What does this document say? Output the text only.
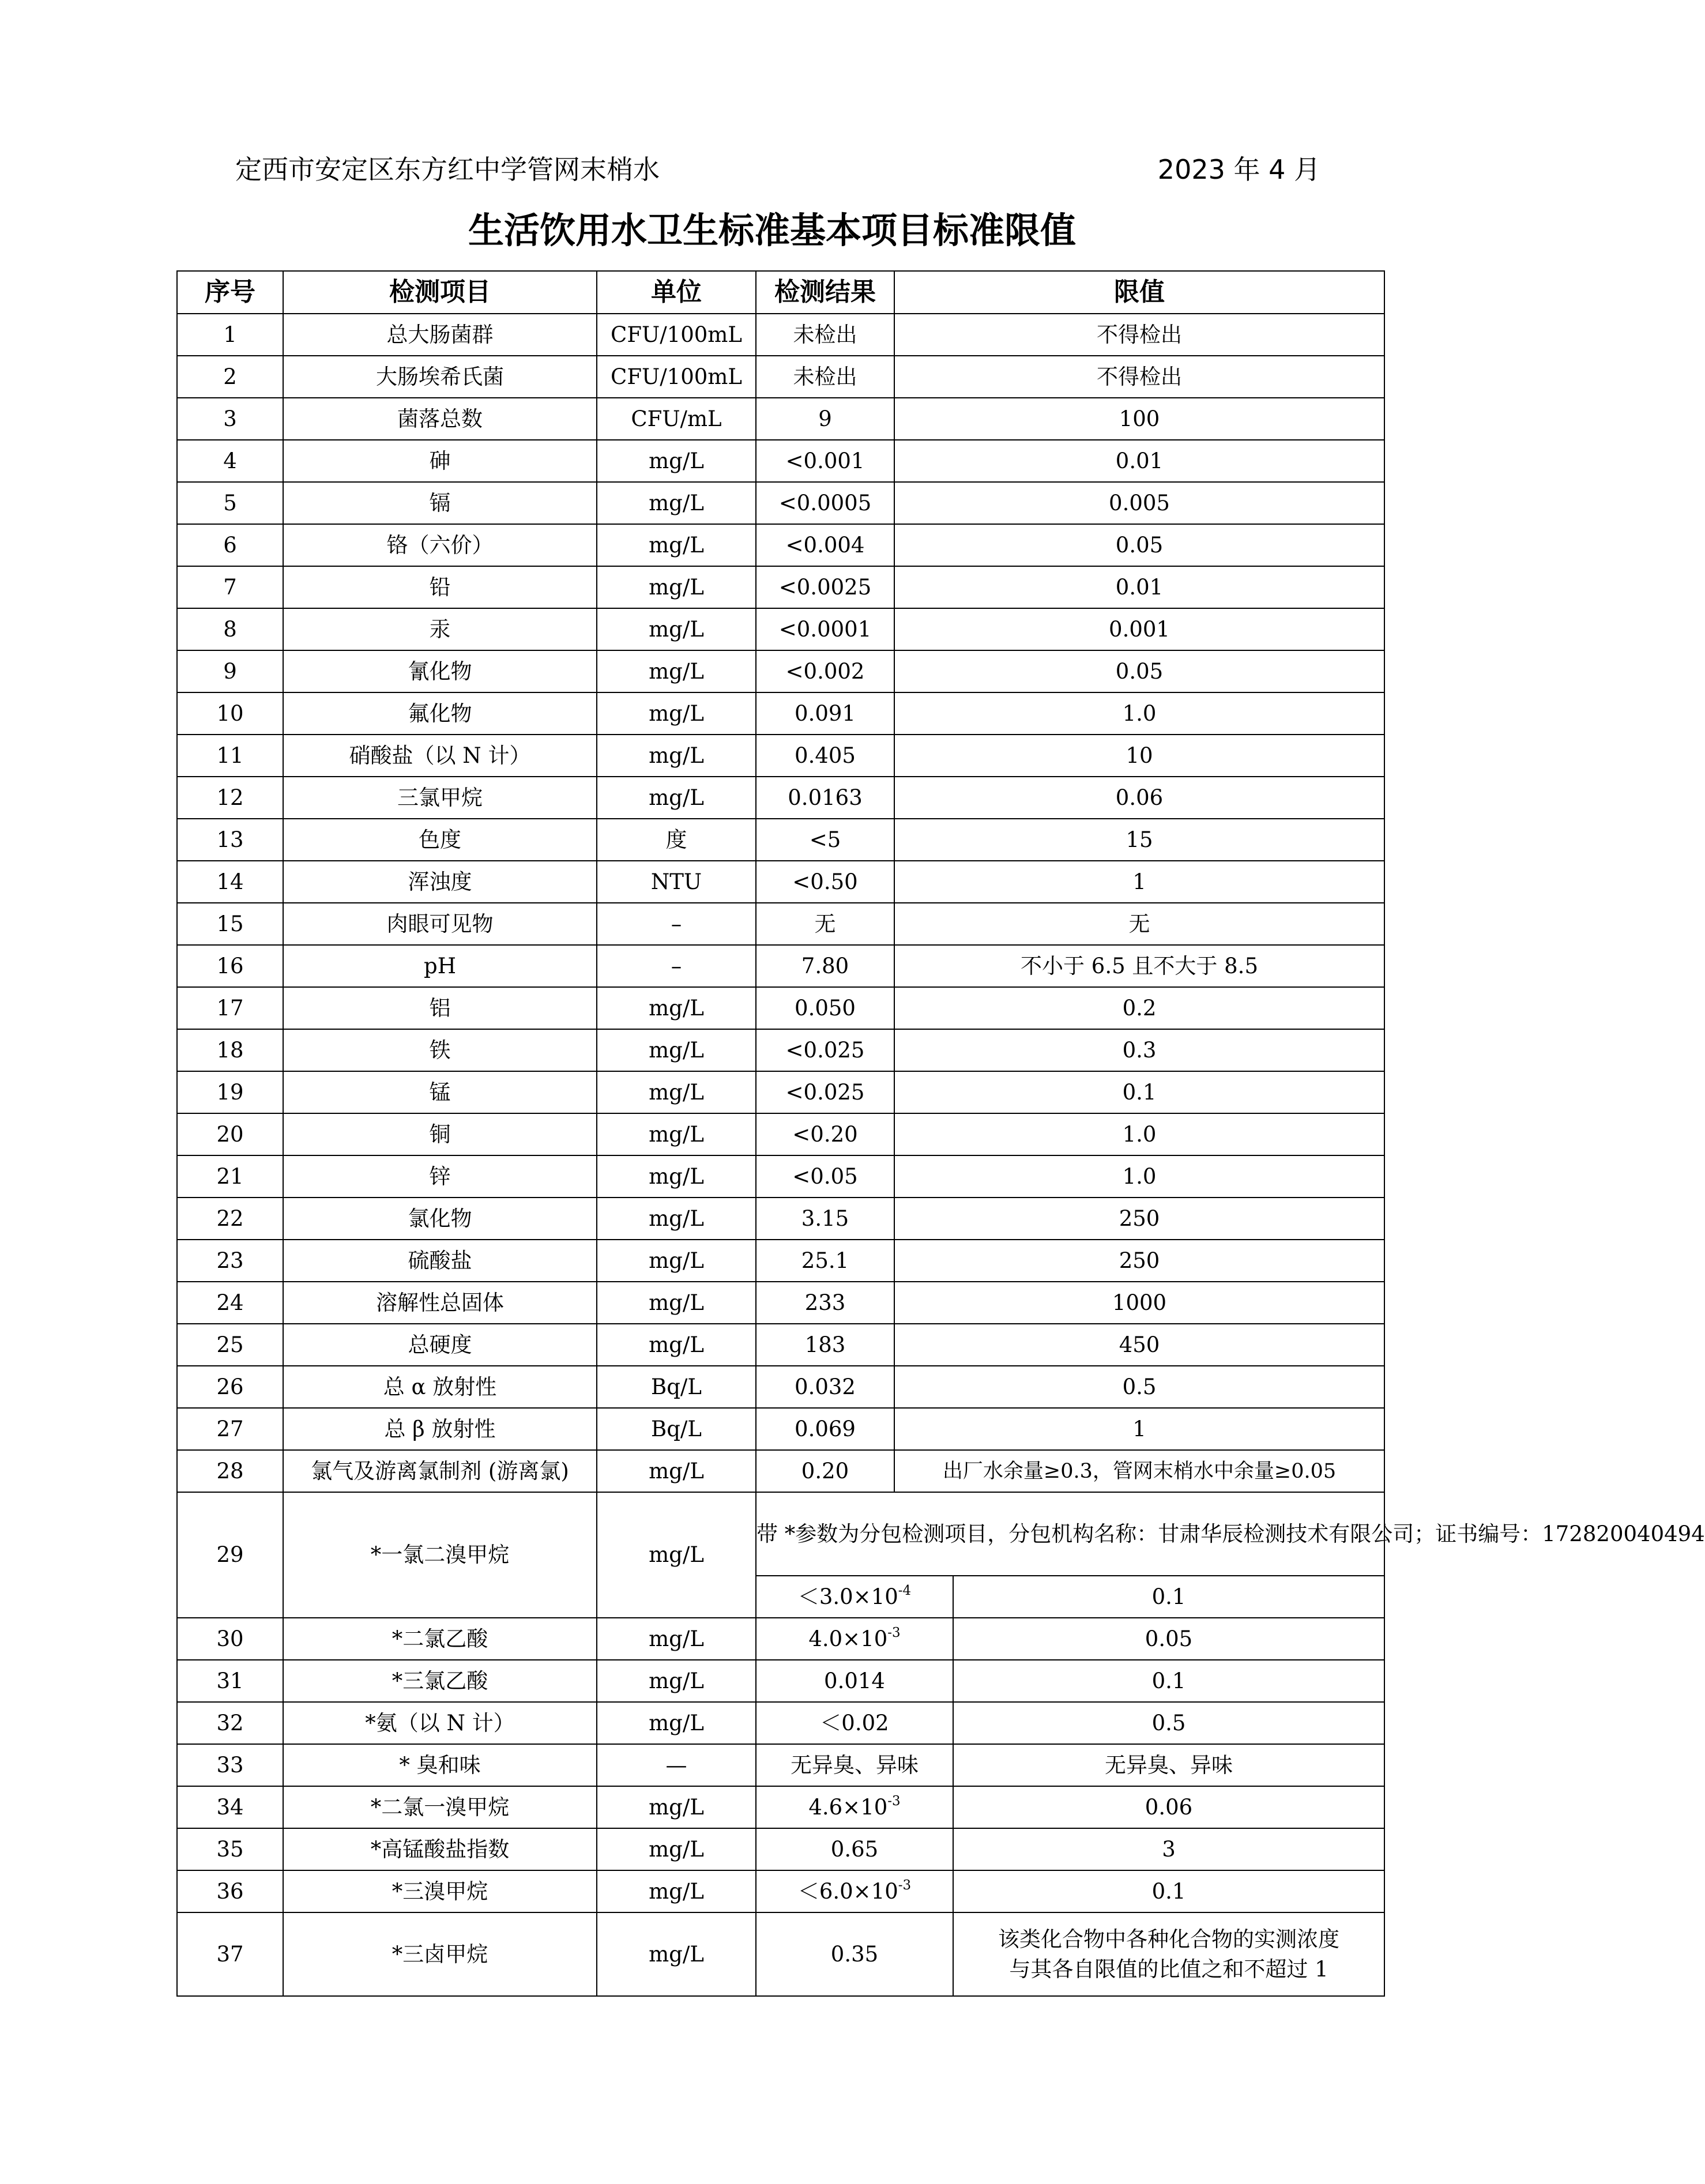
定西市安定区东方红中学管网末梢水	2023 年 4 月
生活饮用水卫生标准基本项目标准限值
序号	检测项目	单位	检测结果	限值	
1	总大肠菌群	CFU/100mL	未检出	不得检出	
2	大肠埃希氏菌	CFU/100mL	未检出	不得检出	
3	菌落总数	CFU/mL	9	100	
4	砷	mg/L	<0.001	0.01	
5	镉	mg/L	<0.0005	0.005	
6	铬（六价）	mg/L	<0.004	0.05	
7	铅	mg/L	<0.0025	0.01	
8	汞	mg/L	<0.0001	0.001	
9	氰化物	mg/L	<0.002	0.05	
10	氟化物	mg/L	0.091	1.0	
11	硝酸盐（以 N 计）	mg/L	0.405	10	
12	三氯甲烷	mg/L	0.0163	0.06	
13	色度	度	<5	15	
14	浑浊度	NTU	<0.50	1	
15	肉眼可见物	–	无	无	
16	pH	–	7.80	不小于 6.5 且不大于 8.5	
17	铝	mg/L	0.050	0.2	
18	铁	mg/L	<0.025	0.3	
19	锰	mg/L	<0.025	0.1	
20	铜	mg/L	<0.20	1.0	
21	锌	mg/L	<0.05	1.0	
22	氯化物	mg/L	3.15	250	
23	硫酸盐	mg/L	25.1	250	
24	溶解性总固体	mg/L	233	1000	
25	总硬度	mg/L	183	450	
26	总 α 放射性	Bq/L	0.032	0.5	
27	总 β 放射性	Bq/L	0.069	1	
28	氯气及游离氯制剂 (游离氯)	mg/L	0.20	出厂水余量≥0.3，管网末梢水中余量≥0.05	
29	*一氯二溴甲烷	mg/L	带 *参数为分包检测项目，分包机构名称：甘肃华辰检测技术有限公司；证书编号：172820040494		
			$<3.0\times 10^{-4}$		0.1
30	*二氯乙酸	mg/L	$4.0\times 10^{-3}$		0.05
31	*三氯乙酸	mg/L	0.014		0.1
32	*氨（以 N 计）	mg/L	＜0.02		0.5
33	* 臭和味	—	无异臭、异味		无异臭、异味
34	*二氯一溴甲烷	mg/L	$4.6\times 10^{-3}$		0.06
35	*高锰酸盐指数	mg/L	0.65		3
36	*三溴甲烷	mg/L	$<6.0\times 10^{-3}$		0.1
37	*三卤甲烷	mg/L	0.35		该类化合物中各种化合物的实测浓度
与其各自限值的比值之和不超过 1
